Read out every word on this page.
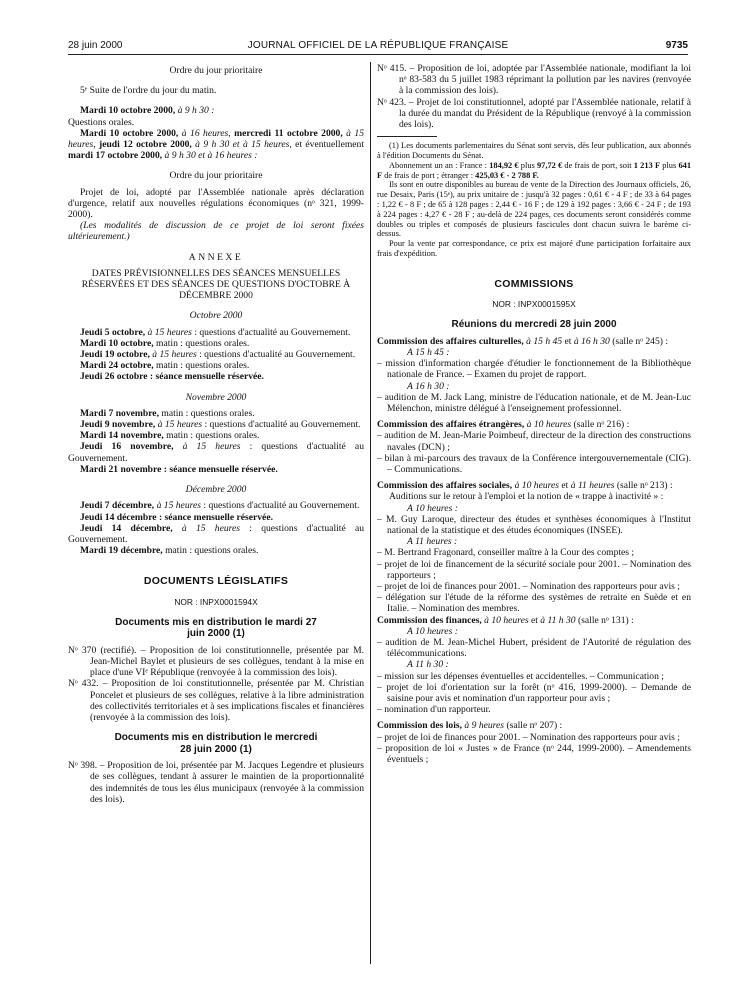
28 juin 2000	JOURNAL OFFICIEL DE LA RÉPUBLIQUE FRANÇAISE	9735

Ordre du jour prioritaire

5ᵉ Suite de l'ordre du jour du matin.

Mardi 10 octobre 2000, à 9 h 30 :

Questions orales.

Mardi 10 octobre 2000, à 16 heures, mercredi 11 octobre 2000, à 15 heures, jeudi 12 octobre 2000, à 9 h 30 et à 15 heures, et éventuellement mardi 17 octobre 2000, à 9 h 30 et à 16 heures :

Ordre du jour prioritaire

Projet de loi, adopté par l'Assemblée nationale après déclaration d'urgence, relatif aux nouvelles régulations économiques (nᵒ 321, 1999-2000).

(Les modalités de discussion de ce projet de loi seront fixées ultérieurement.)

ANNEXE

DATES PRÉVISIONNELLES DES SÉANCES MENSUELLES RÉSERVÉES ET DES SÉANCES DE QUESTIONS D'OCTOBRE À DÉCEMBRE 2000

Octobre 2000

Jeudi 5 octobre, à 15 heures : questions d'actualité au Gouvernement.

Mardi 10 octobre, matin : questions orales.

Jeudi 19 octobre, à 15 heures : questions d'actualité au Gouvernement.

Mardi 24 octobre, matin : questions orales.

Jeudi 26 octobre : séance mensuelle réservée.

Novembre 2000

Mardi 7 novembre, matin : questions orales.

Jeudi 9 novembre, à 15 heures : questions d'actualité au Gouvernement.

Mardi 14 novembre, matin : questions orales.

Jeudi 16 novembre, à 15 heures : questions d'actualité au Gouvernement.

Mardi 21 novembre : séance mensuelle réservée.

Décembre 2000

Jeudi 7 décembre, à 15 heures : questions d'actualité au Gouvernement.

Jeudi 14 décembre : séance mensuelle réservée.

Jeudi 14 décembre, à 15 heures : questions d'actualité au Gouvernement.

Mardi 19 décembre, matin : questions orales.

DOCUMENTS LÉGISLATIFS

NOR : INPX0001594X

Documents mis en distribution le mardi 27 juin 2000 (1)

Nᵒ 370 (rectifié). – Proposition de loi constitutionnelle, présentée par M. Jean-Michel Baylet et plusieurs de ses collègues, tendant à la mise en place d'une VIᵉ République (renvoyée à la commission des lois).

Nᵒ 432. – Proposition de loi constitutionnelle, présentée par M. Christian Poncelet et plusieurs de ses collègues, relative à la libre administration des collectivités territoriales et à ses implications fiscales et financières (renvoyée à la commission des lois).

Documents mis en distribution le mercredi 28 juin 2000 (1)

Nᵒ 398. – Proposition de loi, présentée par M. Jacques Legendre et plusieurs de ses collègues, tendant à assurer le maintien de la proportionnalité des indemnités de tous les élus municipaux (renvoyée à la commission des lois).

Nᵒ 415. – Proposition de loi, adoptée par l'Assemblée nationale, modifiant la loi nᵒ 83-583 du 5 juillet 1983 réprimant la pollution par les navires (renvoyée à la commission des lois).

Nᵒ 423. – Projet de loi constitutionnel, adopté par l'Assemblée nationale, relatif à la durée du mandat du Président de la République (renvoyé à la commission des lois).

(1) Les documents parlementaires du Sénat sont servis, dès leur publication, aux abonnés à l'édition Documents du Sénat.

Abonnement un an : France : 184,92 € plus 97,72 € de frais de port, soit 1 213 F plus 641 F de frais de port ; étranger : 425,03 € - 2 788 F.

Ils sont en outre disponibles au bureau de vente de la Direction des Journaux officiels, 26, rue Desaix, Paris (15ᵉ), au prix unitaire de : jusqu'à 32 pages : 0,61 € - 4 F ; de 33 à 64 pages : 1,22 € - 8 F ; de 65 à 128 pages : 2,44 € - 16 F ; de 129 à 192 pages : 3,66 € - 24 F ; de 193 à 224 pages : 4,27 € - 28 F ; au-delà de 224 pages, ces documents seront considérés comme doubles ou triples et composés de plusieurs fascicules dont chacun suivra le barème ci-dessus.

Pour la vente par correspondance, ce prix est majoré d'une participation forfaitaire aux frais d'expédition.

COMMISSIONS

NOR : INPX0001595X

Réunions du mercredi 28 juin 2000

Commission des affaires culturelles, à 15 h 45 et à 16 h 30 (salle nᵒ 245) :

A 15 h 45 :

– mission d'information chargée d'étudier le fonctionnement de la Bibliothèque nationale de France. – Examen du projet de rapport.

A 16 h 30 :

– audition de M. Jack Lang, ministre de l'éducation nationale, et de M. Jean-Luc Mélenchon, ministre délégué à l'enseignement professionnel.

Commission des affaires étrangères, à 10 heures (salle nᵒ 216) :

– audition de M. Jean-Marie Poimbeuf, directeur de la direction des constructions navales (DCN) ;

– bilan à mi-parcours des travaux de la Conférence intergouvernementale (CIG). – Communications.

Commission des affaires sociales, à 10 heures et à 11 heures (salle nᵒ 213) :

Auditions sur le retour à l'emploi et la notion de « trappe à inactivité » :

A 10 heures :

– M. Guy Laroque, directeur des études et synthèses économiques à l'Institut national de la statistique et des études économiques (INSEE).

A 11 heures :

– M. Bertrand Fragonard, conseiller maître à la Cour des comptes ;

– projet de loi de financement de la sécurité sociale pour 2001. – Nomination des rapporteurs ;

– projet de loi de finances pour 2001. – Nomination des rapporteurs pour avis ;

– délégation sur l'étude de la réforme des systèmes de retraite en Suède et en Italie. – Nomination des membres.

Commission des finances, à 10 heures et à 11 h 30 (salle nᵒ 131) :

A 10 heures :

– audition de M. Jean-Michel Hubert, président de l'Autorité de régulation des télécommunications.

A 11 h 30 :

– mission sur les dépenses éventuelles et accidentelles. – Communication ;

– projet de loi d'orientation sur la forêt (nᵒ 416, 1999-2000). – Demande de saisine pour avis et nomination d'un rapporteur pour avis ;

– nomination d'un rapporteur.

Commission des lois, à 9 heures (salle nᵒ 207) :

– projet de loi de finances pour 2001. – Nomination des rapporteurs pour avis ;

– proposition de loi « Justes » de France (nᵒ 244, 1999-2000). – Amendements éventuels ;
